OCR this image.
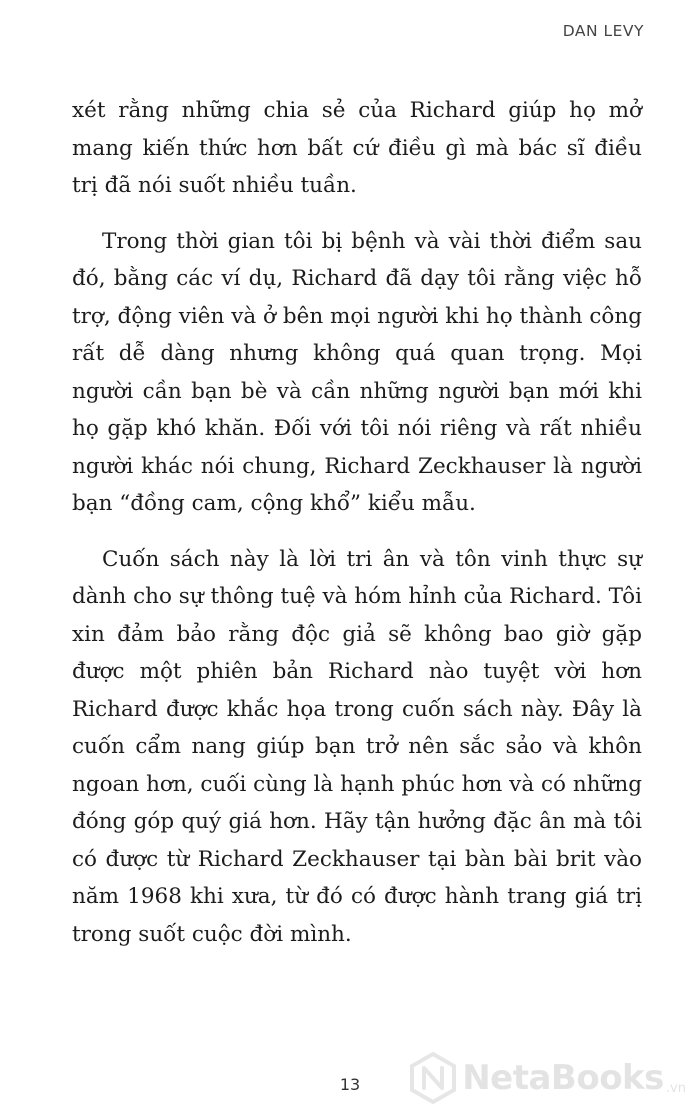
DAN LEVY

xét rằng những chia sẻ của Richard giúp họ mở mang kiến thức hơn bất cứ điều gì mà bác sĩ điều trị đã nói suốt nhiều tuần.

Trong thời gian tôi bị bệnh và vài thời điểm sau đó, bằng các ví dụ, Richard đã dạy tôi rằng việc hỗ trợ, động viên và ở bên mọi người khi họ thành công rất dễ dàng nhưng không quá quan trọng. Mọi người cần bạn bè và cần những người bạn mới khi họ gặp khó khăn. Đối với tôi nói riêng và rất nhiều người khác nói chung, Richard Zeckhauser là người bạn “đồng cam, cộng khổ” kiểu mẫu.

Cuốn sách này là lời tri ân và tôn vinh thực sự dành cho sự thông tuệ và hóm hỉnh của Richard. Tôi xin đảm bảo rằng độc giả sẽ không bao giờ gặp được một phiên bản Richard nào tuyệt vời hơn Richard được khắc họa trong cuốn sách này. Đây là cuốn cẩm nang giúp bạn trở nên sắc sảo và khôn ngoan hơn, cuối cùng là hạnh phúc hơn và có những đóng góp quý giá hơn. Hãy tận hưởng đặc ân mà tôi có được từ Richard Zeckhauser tại bàn bài brit vào năm 1968 khi xưa, từ đó có được hành trang giá trị trong suốt cuộc đời mình.

13	NetaBooks .vn
